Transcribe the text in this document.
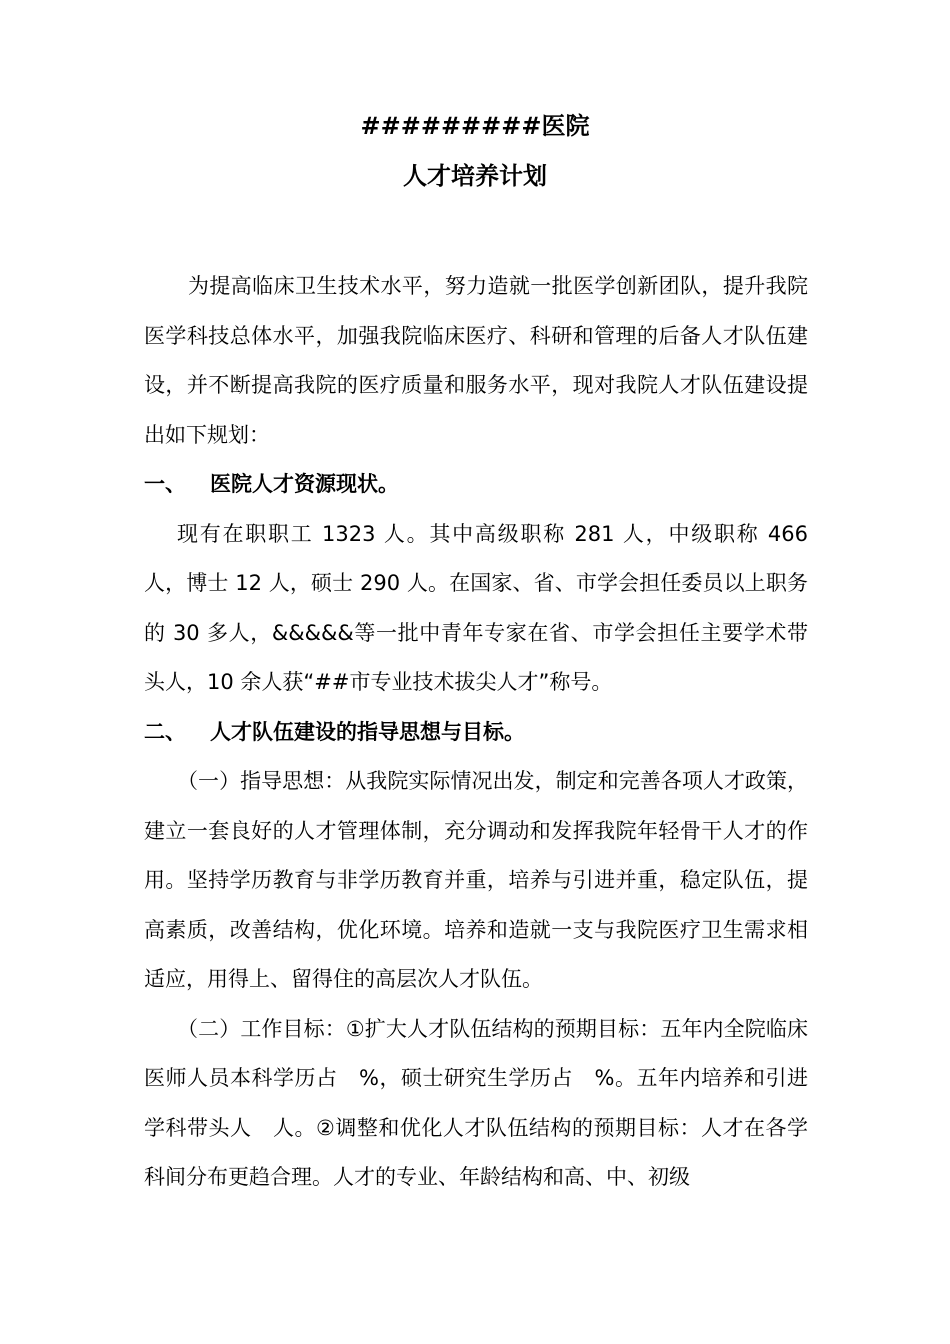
#########医院
人才培养计划

为提高临床卫生技术水平，努力造就一批医学创新团队，提升我院医学科技总体水平，加强我院临床医疗、科研和管理的后备人才队伍建设，并不断提高我院的医疗质量和服务水平，现对我院人才队伍建设提出如下规划：

一、 医院人才资源现状。

现有在职职工 1323 人。其中高级职称 281 人，中级职称 466 人，博士 12 人，硕士 290 人。在国家、省、市学会担任委员以上职务的 30 多人，&&&&&等一批中青年专家在省、市学会担任主要学术带头人，10 余人获“##市专业技术拔尖人才”称号。

二、 人才队伍建设的指导思想与目标。

（一）指导思想：从我院实际情况出发，制定和完善各项人才政策，建立一套良好的人才管理体制，充分调动和发挥我院年轻骨干人才的作用。坚持学历教育与非学历教育并重，培养与引进并重，稳定队伍，提高素质，改善结构，优化环境。培养和造就一支与我院医疗卫生需求相适应，用得上、留得住的高层次人才队伍。

（二）工作目标：①扩大人才队伍结构的预期目标：五年内全院临床医师人员本科学历占　%，硕士研究生学历占　%。五年内培养和引进学科带头人　人。②调整和优化人才队伍结构的预期目标：人才在各学科间分布更趋合理。人才的专业、年龄结构和高、中、初级
